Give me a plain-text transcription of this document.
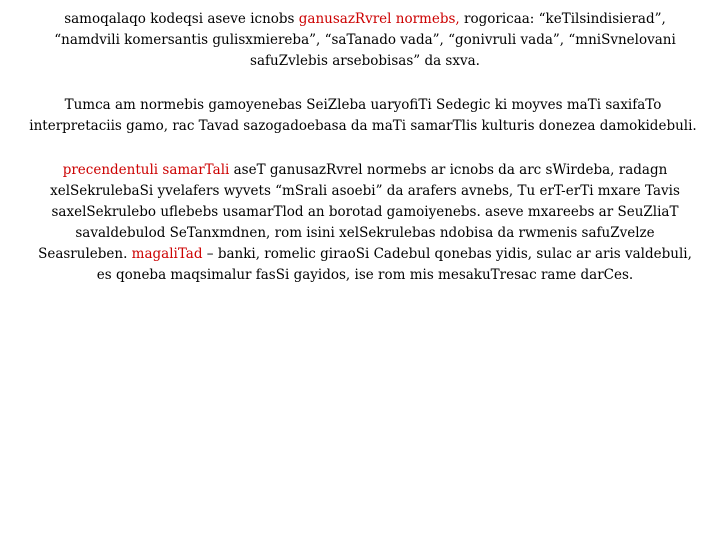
samoqalaqo kodeqsi aseve icnobs ganusazRvrel normebs, rogoricaa: “keTilsindisierad”, “namdvili komersantis gulisxmiereba”, “saTanado vada”, “gonivruli vada”, “mniSvnelovani safuZvlebis arsebobisas” da sxva.

Tumca am normebis gamoyenebas SeiZleba uaryofiTi Sedegic ki moyves maTi saxifaTo interpretaciis gamo, rac Tavad sazogadoebasa da maTi samarTlis kulturis donezea damokidebuli.

precendentuli samarTali aseT ganusazRvrel normebs ar icnobs da arc sWirdeba, radagn xelSekrulebaSi yvelafers wyvets “mSrali asoebi” da arafers avnebs, Tu erT-erTi mxare Tavis saxelSekrulebo uflebebs usamarTlod an borotad gamoiyenebs. aseve mxareebs ar SeuZliaT savaldebulod SeTanxmdnen, rom isini xelSekrulebas ndobisa da rwmenis safuZvelze Seasruleben. magaliTad – banki, romelic giraoSi Cadebul qonebas yidis, sulac ar aris valdebuli, es qoneba maqsimalur fasSi gayidos, ise rom mis mesakuTresac rame darCes.
